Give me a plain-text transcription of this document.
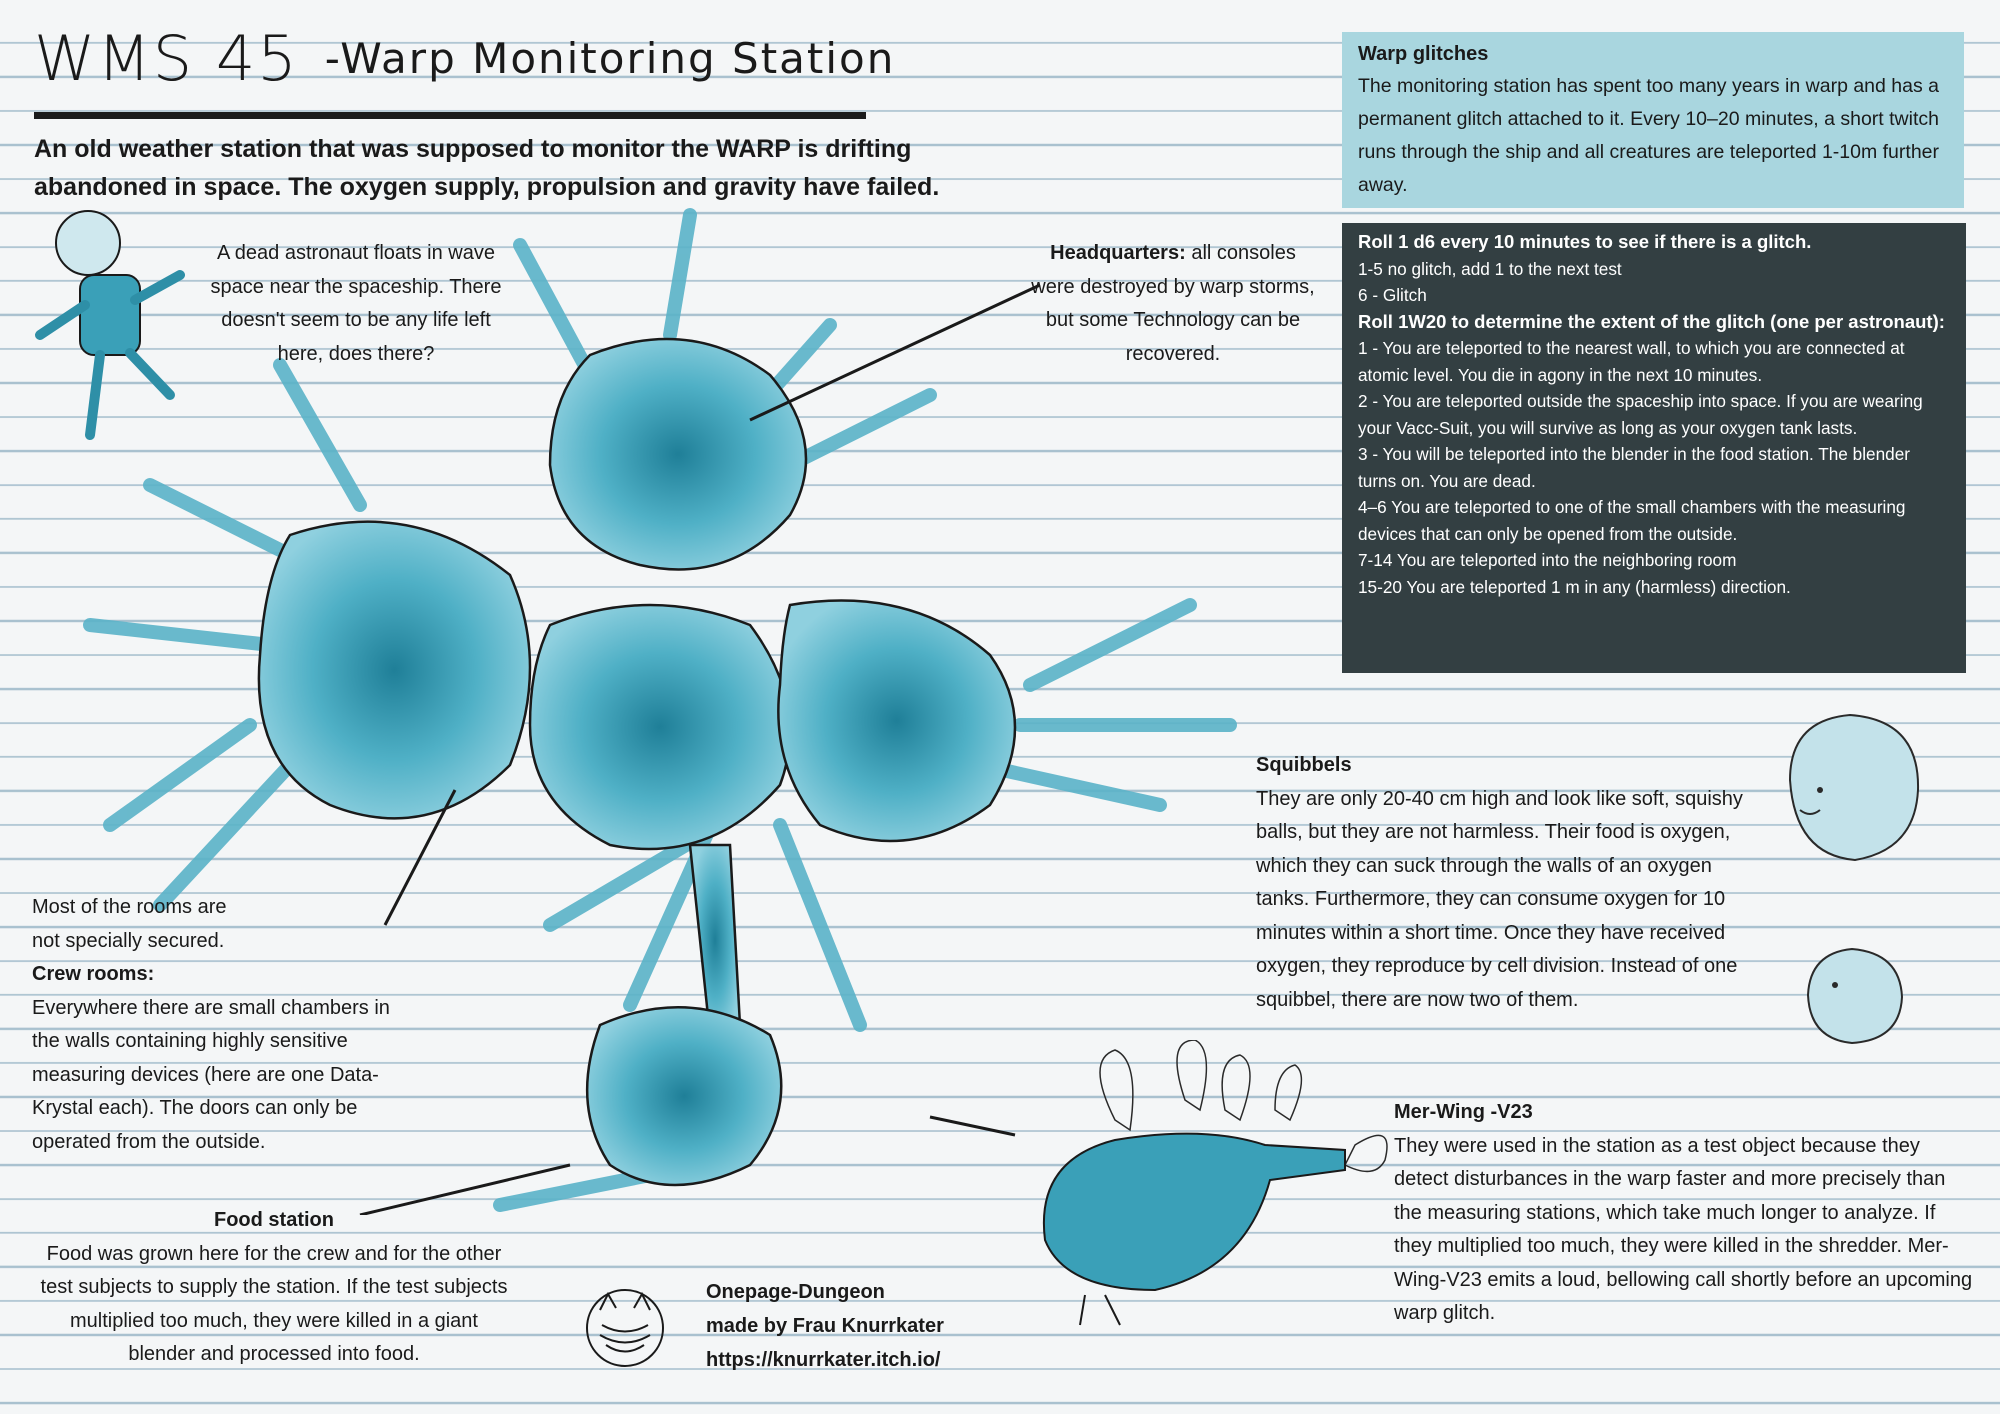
WMS 45 -Warp Monitoring Station
An old weather station that was supposed to monitor the WARP is drifting abandoned in space. The oxygen supply, propulsion and gravity have failed.
A dead astronaut floats in wave space near the spaceship. There doesn't seem to be any life left here, does there?
Headquarters: all consoles were destroyed by warp storms, but some Technology can be recovered.
Warp glitches
The monitoring station has spent too many years in warp and has a permanent glitch attached to it. Every 10–20 minutes, a short twitch runs through the ship and all creatures are teleported 1-10m further away.
Roll 1 d6 every 10 minutes to see if there is a glitch.
1-5 no glitch, add 1 to the next test
6 - Glitch
Roll 1W20 to determine the extent of the glitch (one per astronaut):
1 - You are teleported to the nearest wall, to which you are connected at atomic level. You die in agony in the next 10 minutes.
2 - You are teleported outside the spaceship into space. If you are wearing your Vacc-Suit, you will survive as long as your oxygen tank lasts.
3 - You will be teleported into the blender in the food station. The blender turns on. You are dead.
4–6 You are teleported to one of the small chambers with the measuring devices that can only be opened from the outside.
7-14 You are teleported into the neighboring room
15-20 You are teleported 1 m in any (harmless) direction.
Most of the rooms are
not specially secured.
Crew rooms:
Everywhere there are small chambers in the walls containing highly sensitive measuring devices (here are one Data-Krystal each). The doors can only be operated from the outside.
Food station
Food was grown here for the crew and for the other test subjects to supply the station. If the test subjects multiplied too much, they were killed in a giant blender and processed into food.
Onepage-Dungeon
made by Frau Knurrkater
https://knurrkater.itch.io/
Squibbels
They are only 20-40 cm high and look like soft, squishy balls, but they are not harmless. Their food is oxygen, which they can suck through the walls of an oxygen tanks. Furthermore, they can consume oxygen for 10 minutes within a short time. Once they have received oxygen, they reproduce by cell division. Instead of one squibbel, there are now two of them.
Mer-Wing -V23
They were used in the station as a test object because they detect disturbances in the warp faster and more precisely than the measuring stations, which take much longer to analyze. If they multiplied too much, they were killed in the shredder. Mer-Wing-V23 emits a loud, bellowing call shortly before an upcoming warp glitch.
